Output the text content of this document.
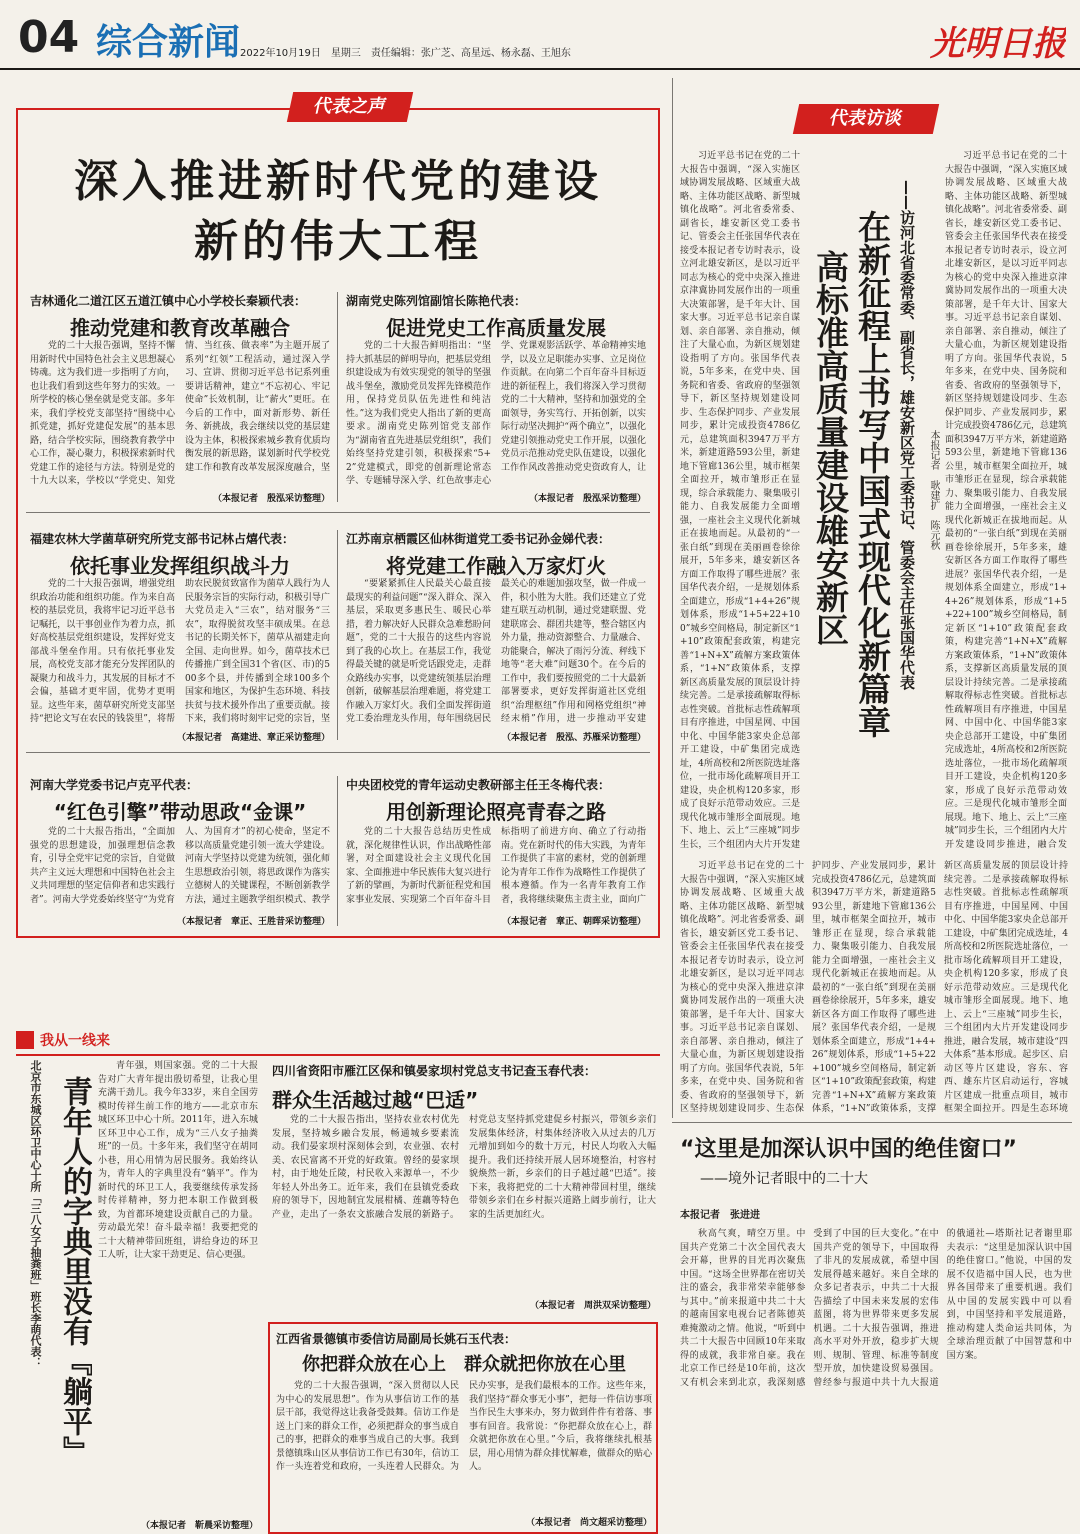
04 综合新闻 2022年10月19日　星期三　责任编辑：张广芝、高星远、杨永磊、王旭东	光明日报
代表之声
深入推进新时代党的建设
新的伟大工程
吉林通化二道江区五道江镇中心小学校长秦颖代表：
推动党建和教育改革融合
党的二十大报告强调，坚持不懈用新时代中国特色社会主义思想凝心铸魂。这为我们进一步指明了方向，也让我们看到这些年努力的实效。一所学校的核心堡垒就是党支部。多年来，我们学校党支部坚持“围绕中心抓党建，抓好党建促发展”的基本思路，结合学校实际，围绕教育教学中心工作，凝心聚力，积极探索新时代党建工作的途径与方法。特别是党的十九大以来，学校以“学党史、知党情、当红孩、做表率”为主题开展了系列“红领”工程活动，通过深入学习、宣讲、贯彻习近平总书记系列重要讲话精神，建立“不忘初心、牢记使命”长效机制，让“薪火”更旺。在今后的工作中，面对新形势、新任务、新挑战，我会继续以党的基层建设为主体，积极探索城乡教育优质均衡发展的新思路，谋划新时代学校党建工作和教育改革发展深度融合，坚
（本报记者　殷泓采访整理）
湖南党史陈列馆副馆长陈艳代表：
促进党史工作高质量发展
党的二十大报告鲜明指出：“坚持大抓基层的鲜明导向，把基层党组织建设成为有效实现党的领导的坚强战斗堡垒，激励党员发挥先锋模范作用，保持党员队伍先进性和纯洁性。”这为我们党史人指出了新的更高要求。湖南党史陈列馆党支部作为“湖南省直先进基层党组织”，我们始终坚持党建引领，积极探索“5+2”党建模式，即党的创新理论常态学、专题辅导深入学、红色故事走心学、党课观影活跃学、革命精神实地学，以及立足职能办实事、立足岗位作贡献。在向第二个百年奋斗目标迈进的新征程上，我们将深入学习贯彻党的二十大精神，坚持和加强党的全面领导，务实笃行、开拓创新，以实际行动坚决拥护“两个确立”，以强化党建引领推动党史工作开展，以强化党员示范推动党史队伍建设，以强化工作作风改善推动党史资政育人，让
（本报记者　殷泓采访整理）
福建农林大学菌草研究所党支部书记林占熺代表：
依托事业发挥组织战斗力
党的二十大报告强调，增强党组织政治功能和组织功能。作为来自高校的基层党员，我将牢记习近平总书记嘱托，以干事创业作为着力点，抓好高校基层党组织建设，发挥好党支部战斗堡垒作用。只有依托事业发展，高校党支部才能充分发挥团队的凝聚力和战斗力，其发展的目标才不会偏，基础才更牢固，优势才更明显。这些年来，菌草研究所党支部坚持“把论文写在农民的钱袋里”，将帮助农民脱贫致富作为菌草人践行为人民服务宗旨的实际行动，积极引导广大党员走入“三农”，结对服务“三农”，取得脱贫攻坚丰硕成果。在总书记的长期关怀下，菌草从福建走向全国、走向世界。如今，菌草技术已传播推广到全国31个省(区、市)的500多个县，并传播到全球100多个国家和地区，为保护生态环境、科技扶贫与技术援外作出了重要贡献。接下来，我们将时刻牢记党的宗旨，坚
（本报记者　高建进、章正采访整理）
江苏南京栖霞区仙林街道党工委书记孙金娣代表：
将党建工作融入万家灯火
“要紧紧抓住人民最关心最直接最现实的利益问题”“深入群众、深入基层，采取更多惠民生、暖民心举措，着力解决好人民群众急难愁盼问题”，党的二十大报告的这些内容说到了我的心坎上。在基层工作，我觉得最关键的就是听党话跟党走，走群众路线办实事，以党建统领基层治理创新，破解基层治理难题，将党建工作融入万家灯火。我们全面发挥街道党工委治理龙头作用，每年围绕居民最关心的难题加强攻坚，做一件成一件，积小胜为大胜。我们还建立了党建互联互动机制，通过党建联盟、党建联席会、群团共建等，整合辖区内外力量，推动资源整合、力量融合、功能聚合，解决了雨污分流、秤线下地等“老大难”问题30个。在今后的工作中，我们要按照党的二十大最新部署要求，更好发挥街道社区党组织“治理枢纽”作用和网格党组织“神经末梢”作用，进一步推动平安建
（本报记者　殷泓、苏雁采访整理）
河南大学党委书记卢克平代表：
“红色引擎”带动思政“金课”
党的二十大报告指出，“全面加强党的思想建设，加强理想信念教育，引导全党牢记党的宗旨，自觉做共产主义远大理想和中国特色社会主义共同理想的坚定信仰者和忠实践行者”。河南大学党委始终坚守“为党育人、为国育才”的初心使命，坚定不移以高质量党建引领一流大学建设。河南大学坚持以党建为统领，强化师生思想政治引领，将思政课作为落实立德树人的关键课程，不断创新教学方法，通过主题教学组织模式、教学
（本报记者　章正、王胜昔采访整理）
中央团校党的青年运动史教研部主任王冬梅代表：
用创新理论照亮青春之路
党的二十大报告总结历史性成就，深化规律性认识，作出战略性部署，对全面建设社会主义现代化国家、全面推进中华民族伟大复兴进行了新的擘画，为新时代新征程党和国家事业发展、实现第二个百年奋斗目标指明了前进方向、确立了行动指南。党在新时代的伟大实践，为青年工作提供了丰富的素材，党的创新理论为青年工作作为战略性工作提供了根本遵循。作为一名青年教育工作者，我将继续聚焦主责主业，面向广
（本报记者　章正、朝晖采访整理）
代表访谈
习近平总书记在党的二十大报告中强调，“深入实施区域协调发展战略、区域重大战略、主体功能区战略、新型城镇化战略”。河北省委常委、副省长，雄安新区党工委书记、管委会主任张国华代表在接受本报记者专访时表示，设立河北雄安新区，是以习近平同志为核心的党中央深入推进京津冀协同发展作出的一项重大决策部署，是千年大计、国家大事。习近平总书记亲自谋划、亲自部署、亲自推动，倾注了大量心血，为新区规划建设指明了方向。张国华代表说，5年多来，在党中央、国务院和省委、省政府的坚强领导下，新区坚持规划建设同步、生态保护同步、产业发展同步，累计完成投资4786亿元，总建筑面积3947万平方米，新建道路593公里，新建地下管廊136公里，城市框架全面拉开，城市雏形正在显现，综合承载能力、聚集吸引能力、自我发展能力全面增强，一座社会主义现代化新城正在拔地而起。从最初的“一张白纸”到现在美丽画卷徐徐展开，5年多来，雄安新区各方面工作取得了哪些进展？张国华代表介绍，一是规划体系全面建立，形成“1+4+26”规划体系，形成“1+5+22+100”城乡空间格局，制定新区“1+10”政策配套政策，构建完善“1+N+X”疏解方案政策体系，“1+N”政策体系，支撑新区高质量发展的顶层设计持续完善。二是承接疏解取得标志性突破。首批标志性疏解项目有序推进，中国星网、中国中化、中国华能3家央企总部开工建设，中矿集团完成选址，4所高校和2所医院选址落位，一批市场化疏解项目开工建设，央企机构120多家，形成了良好示范带动效应。三是现代化城市雏形全面展现。地下、地上、云上“三座城”同步生长，三个组团内大片开发建
在新征程上书写中国式现代化新篇章
高标准高质量建设雄安新区	——访河北省委常委、副省长，雄安新区党工委书记、管委会主任张国华代表	本报记者　耿建扩　陈元秋
习近平总书记在党的二十大报告中强调，“深入实施区域协调发展战略、区域重大战略、主体功能区战略、新型城镇化战略”。河北省委常委、副省长，雄安新区党工委书记、管委会主任张国华代表在接受本报记者专访时表示，设立河北雄安新区，是以习近平同志为核心的党中央深入推进京津冀协同发展作出的一项重大决策部署，是千年大计、国家大事。习近平总书记亲自谋划、亲自部署、亲自推动，倾注了大量心血，为新区规划建设指明了方向。张国华代表说，5年多来，在党中央、国务院和省委、省政府的坚强领导下，新区坚持规划建设同步、生态保护同步、产业发展同步，累计完成投资4786亿元，总建筑面积3947万平方米，新建道路593公里，新建地下管廊136公里，城市框架全面拉开，城市雏形正在显现，综合承载能力、聚集吸引能力、自我发展能力全面增强，一座社会主义现代化新城正在拔地而起。从最初的“一张白纸”到现在美丽画卷徐徐展开，5年多来，雄安新区各方面工作取得了哪些进展？张国华代表介绍，一是规划体系全面建立，形成“1+4+26”规划体系，形成“1+5+22+100”城乡空间格局，制定新区“1+10”政策配套政策，构建完善“1+N+X”疏解方案政策体系，“1+N”政策体系，支撑新区高质量发展的顶层设计持续完善。二是承接疏解取得标志性突破。首批标志性疏解项目有序推进，中国星网、中国中化、中国华能3家央企总部开工建设，中矿集团完成选址，4所高校和2所医院选址落位，一批市场化疏解项目开工建设，央企机构120多家，形成了良好示范带动效应。三是现代化城市雏形全面展现。地下、地上、云上“三座城”同步生长，三个组团内大片开发建设同步推进，融合发
习近平总书记在党的二十大报告中强调，“深入实施区域协调发展战略、区域重大战略、主体功能区战略、新型城镇化战略”。河北省委常委、副省长，雄安新区党工委书记、管委会主任张国华代表在接受本报记者专访时表示，设立河北雄安新区，是以习近平同志为核心的党中央深入推进京津冀协同发展作出的一项重大决策部署，是千年大计、国家大事。习近平总书记亲自谋划、亲自部署、亲自推动，倾注了大量心血，为新区规划建设指明了方向。张国华代表说，5年多来，在党中央、国务院和省委、省政府的坚强领导下，新区坚持规划建设同步、生态保护同步、产业发展同步，累计完成投资4786亿元，总建筑面积3947万平方米，新建道路593公里，新建地下管廊136公里，城市框架全面拉开，城市雏形正在显现，综合承载能力、聚集吸引能力、自我发展能力全面增强，一座社会主义现代化新城正在拔地而起。从最初的“一张白纸”到现在美丽画卷徐徐展开，5年多来，雄安新区各方面工作取得了哪些进展？张国华代表介绍，一是规划体系全面建立，形成“1+4+26”规划体系，形成“1+5+22+100”城乡空间格局，制定新区“1+10”政策配套政策，构建完善“1+N+X”疏解方案政策体系，“1+N”政策体系，支撑新区高质量发展的顶层设计持续完善。二是承接疏解取得标志性突破。首批标志性疏解项目有序推进，中国星网、中国中化、中国华能3家央企总部开工建设，中矿集团完成选址，4所高校和2所医院选址落位，一批市场化疏解项目开工建设，央企机构120多家，形成了良好示范带动效应。三是现代化城市雏形全面展现。地下、地上、云上“三座城”同步生长，三个组团内大片开发建设同步推进，融合发展，城市建设“四大体系”基本形成。起步区、启动区等片区建设，容东、容西、雄东片区启动运行，容城片区建成一批重点项目，城市框架全面拉开。四是生态环境
我从一线来
北京市东城区环卫中心十所「三八女子抽粪班」班长李萌代表： 青年人的字典里没有『躺平』
青年强，则国家强。党的二十大报告对广大青年提出殷切希望，让我心里充满干劲儿。我今年33岁，来自全国劳模时传祥生前工作的地方——北京市东城区环卫中心十所。2011年，进入东城区环卫中心工作，成为“三八女子抽粪班”的一员。十多年来，我们坚守在胡同小巷，用心用情为居民服务。我始终认为，青年人的字典里没有“躺平”。作为新时代的环卫工人，我要继续传承发扬时传祥精神，努力把本职工作做到极致，为首都环境建设贡献自己的力量。劳动最光荣！奋斗最幸福！我要把党的二十大精神带回班组，讲给身边的环卫工人听，让大家干劲更足、信心更强。
（本报记者　靳晨采访整理）
四川省资阳市雁江区保和镇晏家坝村党总支书记查玉春代表：
群众生活越过越“巴适”
党的二十大报告指出，坚持农业农村优先发展，坚持城乡融合发展，畅通城乡要素流动。我们晏家坝村深刻体会到，农业强、农村美、农民富离不开党的好政策。曾经的晏家坝村，由于地处丘陵，村民收入来源单一，不少年轻人外出务工。近年来，我们在县镇党委政府的领导下，因地制宜发展柑橘、莲藕等特色产业，走出了一条农文旅融合发展的新路子。村党总支坚持抓党建促乡村振兴，带领乡亲们发展集体经济，村集体经济收入从过去的几万元增加到如今的数十万元，村民人均收入大幅提升。我们还持续开展人居环境整治，村容村貌焕然一新，乡亲们的日子越过越“巴适”。接下来，我将把党的二十大精神带回村里，继续带领乡亲们在乡村振兴道路上阔步前行，让大家的生活更加红火。
（本报记者　周洪双采访整理）
江西省景德镇市委信访局副局长姚石玉代表：
你把群众放在心上　群众就把你放在心里
党的二十大报告强调，“深入贯彻以人民为中心的发展思想”。作为从事信访工作的基层干部，我觉得这让我备受鼓舞。信访工作是送上门来的群众工作，必须把群众的事当成自己的事，把群众的难事当成自己的大事。我到景德镇珠山区从事信访工作已有30年，信访工作一头连着党和政府，一头连着人民群众。为民办实事，是我们最根本的工作。这些年来，我们坚持“群众事无小事”，把每一件信访事项当作民生大事来办，努力做到件件有着落、事事有回音。我常说：“你把群众放在心上，群众就把你放在心里。”今后，我将继续扎根基层，用心用情为群众排忧解难，做群众的贴心人。
（本报记者　尚文超采访整理）
“这里是加深认识中国的绝佳窗口”
——境外记者眼中的二十大
本报记者　张进进
秋高气爽，晴空万里。中国共产党第二十次全国代表大会开幕，世界的目光再次聚焦中国。“这场全世界都在密切关注的盛会，我非常荣幸能够参与其中。”前来报道中共二十大的越南国家电视台记者陈德英难掩激动之情。他说，“听到中共二十大报告中回顾10年来取得的成就，我非常自豪。我在北京工作已经是10年前，这次又有机会来到北京，我深刻感受到了中国的巨大变化。”在中国共产党的领导下，中国取得了非凡的发展成就，希望中国发展得越来越好。来自全球的众多记者表示，中共二十大报告描绘了中国未来发展的宏伟蓝图，将为世界带来更多发展机遇。二十大报告强调，推进高水平对外开放，稳步扩大规则、规制、管理、标准等制度型开放，加快建设贸易强国。曾经参与报道中共十九大报道的俄通社—塔斯社记者谢里耶夫表示：“这里是加深认识中国的绝佳窗口。”他说，中国的发展不仅造福中国人民，也为世界各国带来了重要机遇。我们从中国的发展实践中可以看到，中国坚持和平发展道路，推动构建人类命运共同体，为全球治理贡献了中国智慧和中国方案。
